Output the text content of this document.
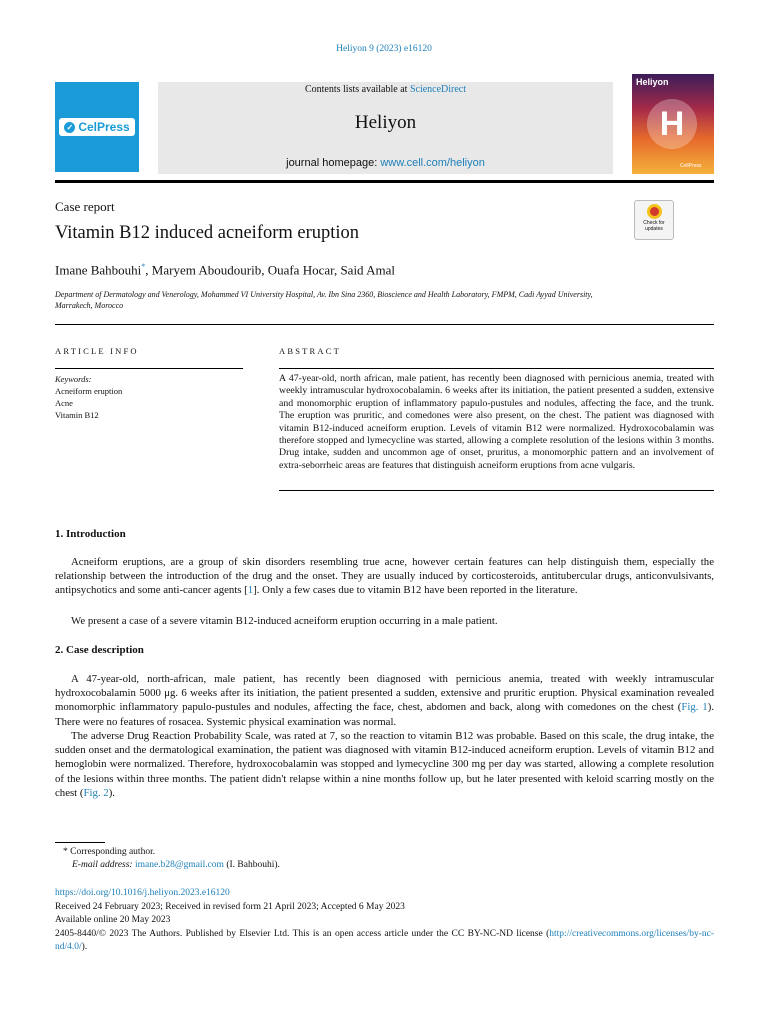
Heliyon 9 (2023) e16120
✓ CelPress
Contents lists available at ScienceDirect
Heliyon
journal homepage: www.cell.com/heliyon
Heliyon
H
CellPress
Case report
Vitamin B12 induced acneiform eruption	Check for updates
Imane Bahbouhi*, Maryem Aboudourib, Ouafa Hocar, Said Amal
Department of Dermatology and Venerology, Mohammed VI University Hospital, Av. Ibn Sina 2360, Bioscience and Health Laboratory, FMPM, Cadi Ayyad University, Marrakech, Morocco
ARTICLE INFO	ABSTRACT
Keywords:
Acneiform eruption
Acne
Vitamin B12
A 47-year-old, north african, male patient, has recently been diagnosed with pernicious anemia, treated with weekly intramuscular hydroxocobalamin. 6 weeks after its initiation, the patient presented a sudden, extensive and monomorphic eruption of inflammatory papulo-pustules and nodules, affecting the face, and the trunk. The eruption was pruritic, and comedones were also present, on the chest. The patient was diagnosed with vitamin B12-induced acneiform eruption. Levels of vitamin B12 were normalized. Hydroxocobalamin was therefore stopped and lymecycline was started, allowing a complete resolution of the lesions within 3 months. Drug intake, sudden and uncommon age of onset, pruritus, a monomorphic pattern and an involvement of extra-seborrheic areas are features that distinguish acneiform eruptions from acne vulgaris.
1. Introduction
Acneiform eruptions, are a group of skin disorders resembling true acne, however certain features can help distinguish them, especially the relationship between the introduction of the drug and the onset. They are usually induced by corticosteroids, antitubercular drugs, anticonvulsivants, antipsychotics and some anti-cancer agents [1]. Only a few cases due to vitamin B12 have been reported in the literature.
We present a case of a severe vitamin B12-induced acneiform eruption occurring in a male patient.
2. Case description
A 47-year-old, north-african, male patient, has recently been diagnosed with pernicious anemia, treated with weekly intramuscular hydroxocobalamin 5000 μg. 6 weeks after its initiation, the patient presented a sudden, extensive and pruritic eruption. Physical examination revealed monomorphic inflammatory papulo-pustules and nodules, affecting the face, chest, abdomen and back, along with comedones on the chest (Fig. 1). There were no features of rosacea. Systemic physical examination was normal.
The adverse Drug Reaction Probability Scale, was rated at 7, so the reaction to vitamin B12 was probable. Based on this scale, the drug intake, the sudden onset and the dermatological examination, the patient was diagnosed with vitamin B12-induced acneiform eruption. Levels of vitamin B12 and hemoglobin were normalized. Therefore, hydroxocobalamin was stopped and lymecycline 300 mg per day was started, allowing a complete resolution of the lesions within three months. The patient didn't relapse within a nine months follow up, but he later presented with keloid scarring mostly on the chest (Fig. 2).
* Corresponding author.
E-mail address: imane.b28@gmail.com (I. Bahbouhi).
https://doi.org/10.1016/j.heliyon.2023.e16120
Received 24 February 2023; Received in revised form 21 April 2023; Accepted 6 May 2023
Available online 20 May 2023
2405-8440/© 2023 The Authors. Published by Elsevier Ltd. This is an open access article under the CC BY-NC-ND license (http://creativecommons.org/licenses/by-nc-nd/4.0/).
